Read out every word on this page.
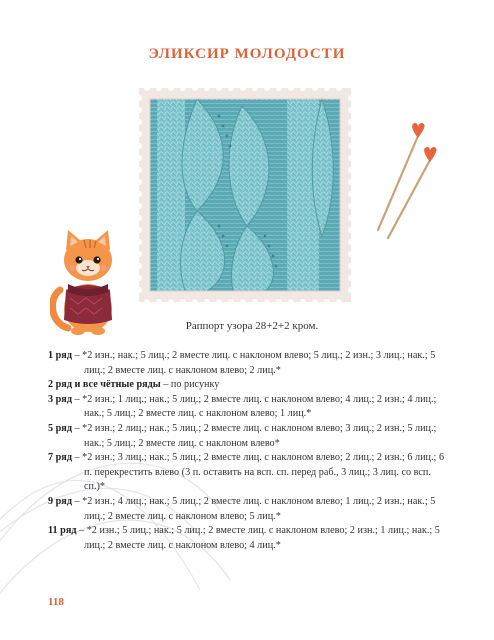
ЭЛИКСИР МОЛОДОСТИ
Раппорт узора 28+2+2 кром.
1 ряд – *2 изн.; нак.; 5 лиц.; 2 вместе лиц. с наклоном влево; 5 лиц.; 2 изн.; 3 лиц.; нак.; 5 лиц.; 2 вместе лиц. с наклоном влево; 2 лиц.*
2 ряд и все чётные ряды – по рисунку
3 ряд – *2 изн.; 1 лиц.; нак.; 5 лиц.; 2 вместе лиц. с наклоном влево; 4 лиц.; 2 изн.; 4 лиц.; нак.; 5 лиц.; 2 вместе лиц. с наклоном влево; 1 лиц.*
5 ряд – *2 изн.; 2 лиц.; нак.; 5 лиц.; 2 вместе лиц. с наклоном влево; 3 лиц.; 2 изн.; 5 лиц.; нак.; 5 лиц.; 2 вместе лиц. с наклоном влево*
7 ряд – *2 изн.; 3 лиц.; нак.; 5 лиц.; 2 вместе лиц. с наклоном влево; 2 лиц.; 2 изн.; 6 лиц.; 6 п. перекрестить влево (3 п. оставить на всп. сп. перед раб., 3 лиц.; 3 лиц. со всп. сп.)*
9 ряд – *2 изн.; 4 лиц.; нак.; 5 лиц.; 2 вместе лиц. с наклоном влево; 1 лиц.; 2 изн.; нак.; 5 лиц.; 2 вместе лиц. с наклоном влево; 5 лиц.*
11 ряд – *2 изн.; 5 лиц.; нак.; 5 лиц.; 2 вместе лиц. с наклоном влево; 2 изн.; 1 лиц.; нак.; 5 лиц.; 2 вместе лиц. с наклоном влево; 4 лиц.*
118
